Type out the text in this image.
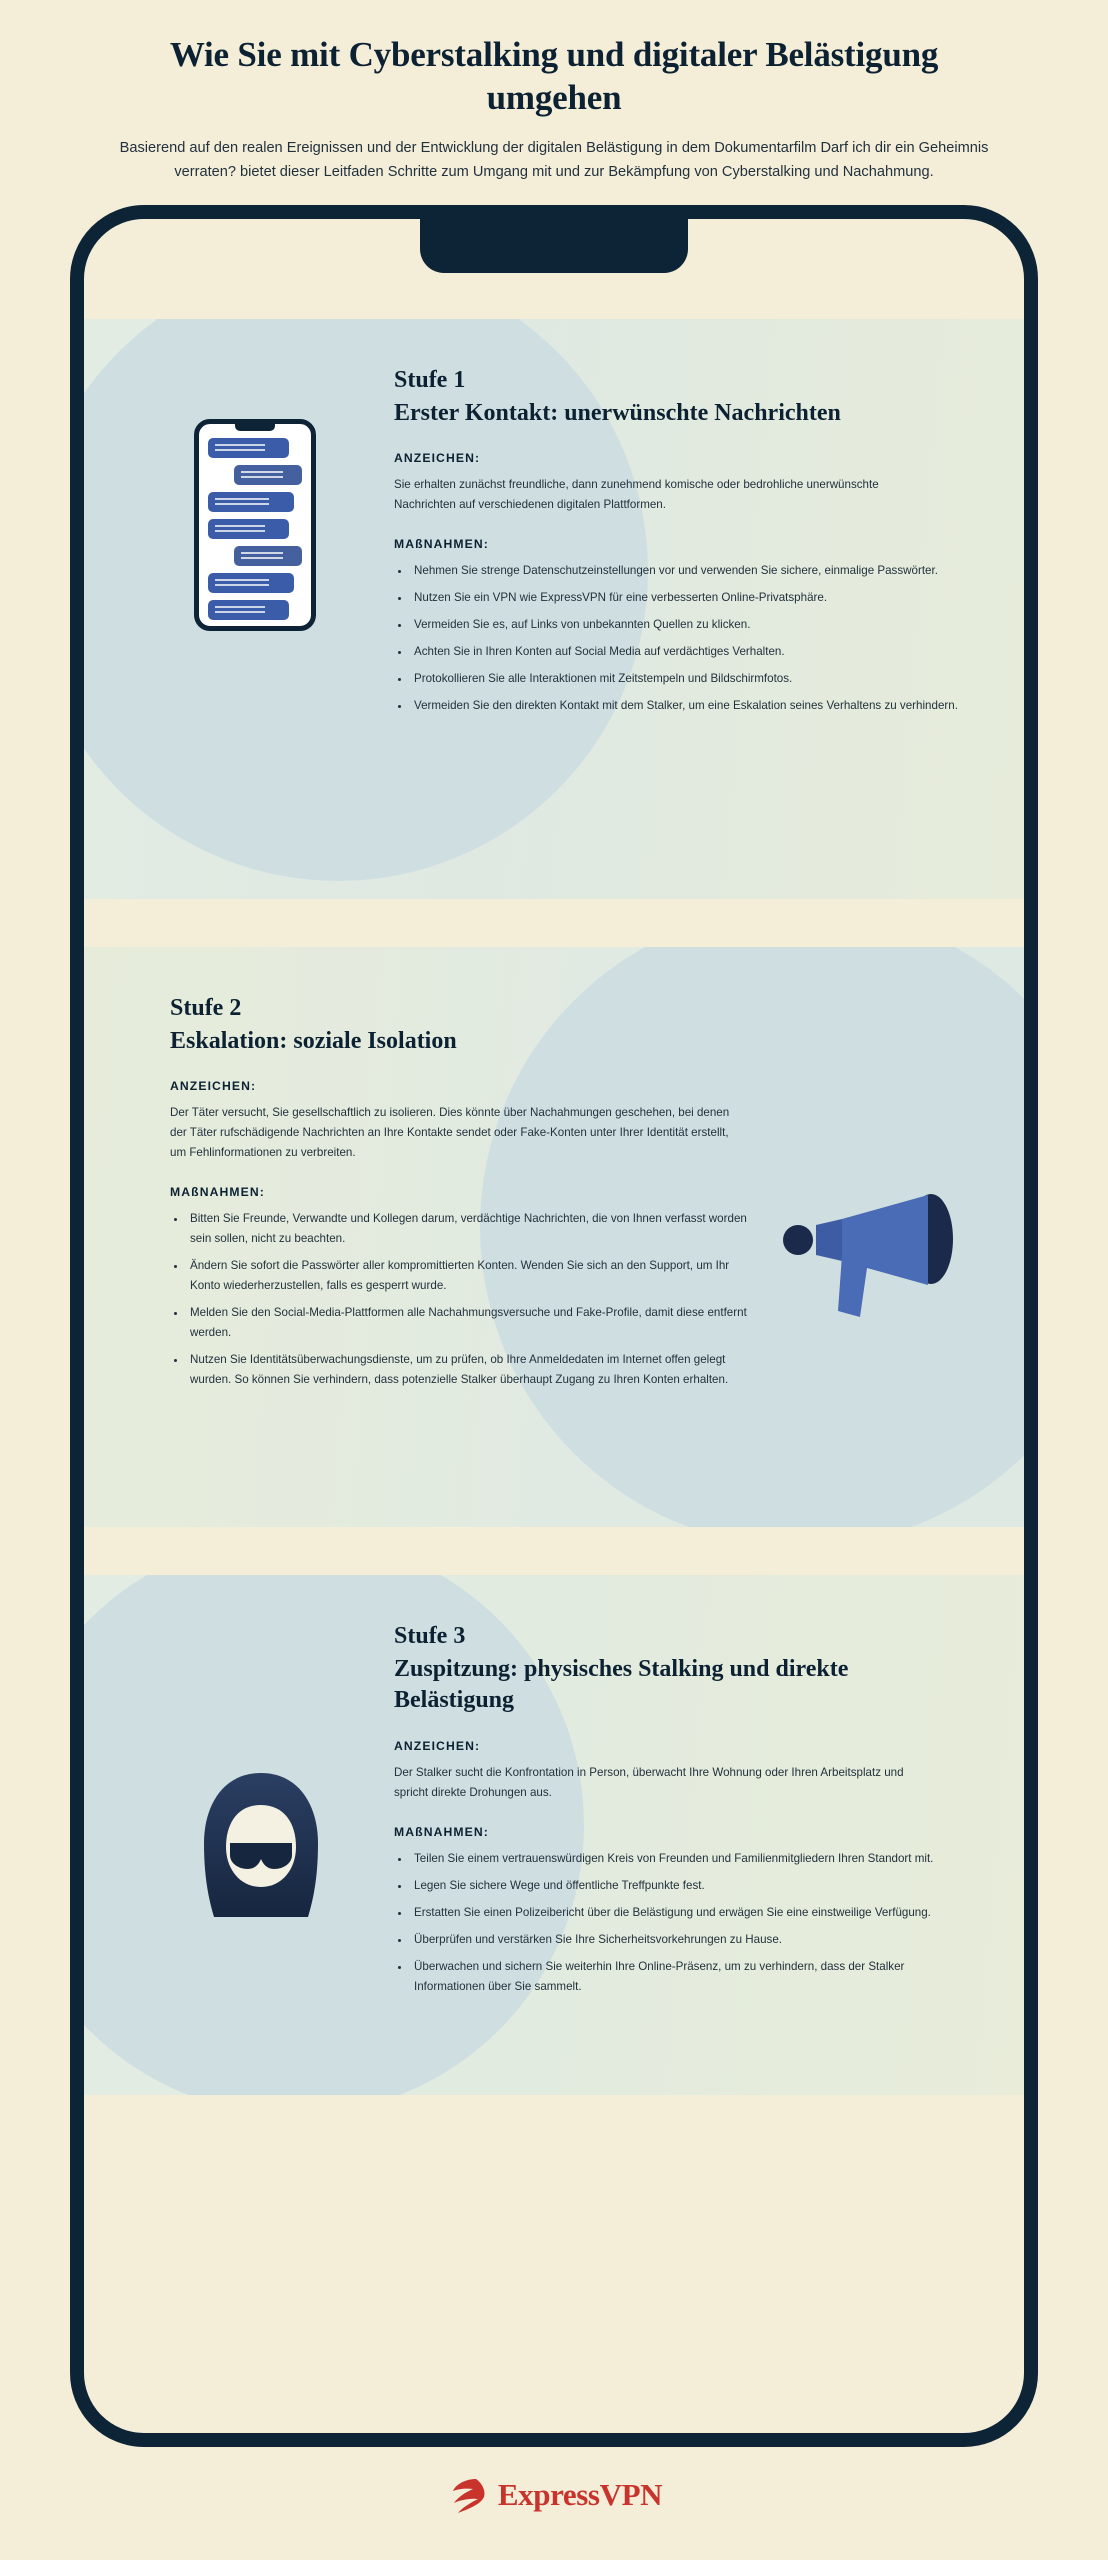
Wie Sie mit Cyberstalking und digitaler Belästigung umgehen

Basierend auf den realen Ereignissen und der Entwicklung der digitalen Belästigung in dem Dokumentarfilm Darf ich dir ein Geheimnis verraten? bietet dieser Leitfaden Schritte zum Umgang mit und zur Bekämpfung von Cyberstalking und Nachahmung.

Stufe 1
Erster Kontakt: unerwünschte Nachrichten
ANZEICHEN:

Sie erhalten zunächst freundliche, dann zunehmend komische oder bedrohliche unerwünschte Nachrichten auf verschiedenen digitalen Plattformen.

MAßNAHMEN:
• Nehmen Sie strenge Datenschutzeinstellungen vor und verwenden Sie sichere, einmalige Passwörter.
• Nutzen Sie ein VPN wie ExpressVPN für eine verbesserten Online-Privatsphäre.
• Vermeiden Sie es, auf Links von unbekannten Quellen zu klicken.
• Achten Sie in Ihren Konten auf Social Media auf verdächtiges Verhalten.
• Protokollieren Sie alle Interaktionen mit Zeitstempeln und Bildschirmfotos.
• Vermeiden Sie den direkten Kontakt mit dem Stalker, um eine Eskalation seines Verhaltens zu verhindern.
Stufe 2
Eskalation: soziale Isolation
ANZEICHEN:

Der Täter versucht, Sie gesellschaftlich zu isolieren. Dies könnte über Nachahmungen geschehen, bei denen der Täter rufschädigende Nachrichten an Ihre Kontakte sendet oder Fake-Konten unter Ihrer Identität erstellt, um Fehlinformationen zu verbreiten.

MAßNAHMEN:
• Bitten Sie Freunde, Verwandte und Kollegen darum, verdächtige Nachrichten, die von Ihnen verfasst worden sein sollen, nicht zu beachten.
• Ändern Sie sofort die Passwörter aller kompromittierten Konten. Wenden Sie sich an den Support, um Ihr Konto wiederherzustellen, falls es gesperrt wurde.
• Melden Sie den Social-Media-Plattformen alle Nachahmungsversuche und Fake-Profile, damit diese entfernt werden.
• Nutzen Sie Identitätsüberwachungsdienste, um zu prüfen, ob Ihre Anmeldedaten im Internet offen gelegt wurden. So können Sie verhindern, dass potenzielle Stalker überhaupt Zugang zu Ihren Konten erhalten.
Stufe 3
Zuspitzung: physisches Stalking und direkte Belästigung
ANZEICHEN:

Der Stalker sucht die Konfrontation in Person, überwacht Ihre Wohnung oder Ihren Arbeitsplatz und spricht direkte Drohungen aus.

MAßNAHMEN:
• Teilen Sie einem vertrauenswürdigen Kreis von Freunden und Familienmitgliedern Ihren Standort mit.
• Legen Sie sichere Wege und öffentliche Treffpunkte fest.
• Erstatten Sie einen Polizeibericht über die Belästigung und erwägen Sie eine einstweilige Verfügung.
• Überprüfen und verstärken Sie Ihre Sicherheitsvorkehrungen zu Hause.
• Überwachen und sichern Sie weiterhin Ihre Online-Präsenz, um zu verhindern, dass der Stalker Informationen über Sie sammelt.
ExpressVPN
